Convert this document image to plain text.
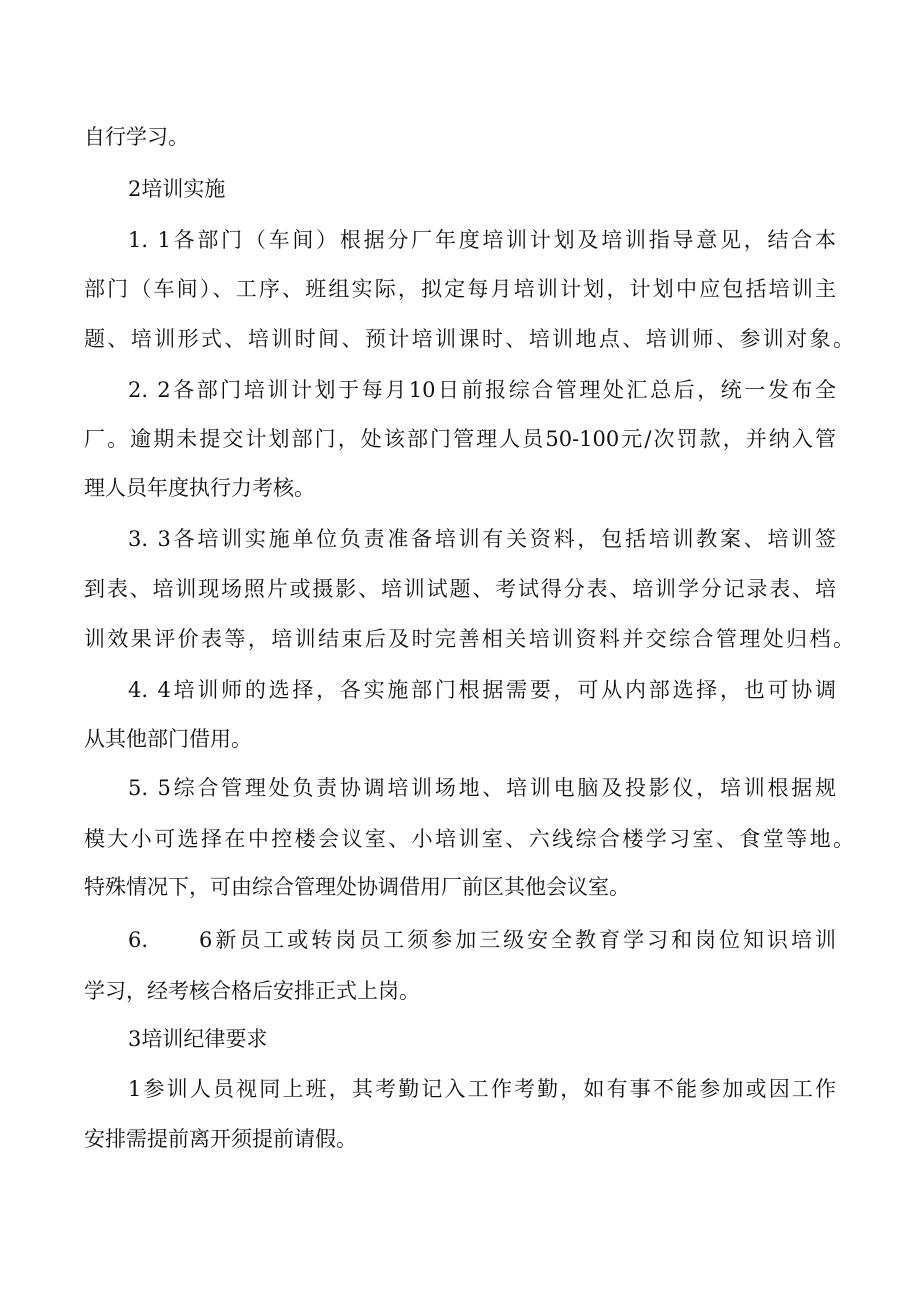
自行学习。

2培训实施

1. 1各部门（车间）根据分厂年度培训计划及培训指导意见，结合本

部门（车间）、工序、班组实际，拟定每月培训计划，计划中应包括培训主

题、培训形式、培训时间、预计培训课时、培训地点、培训师、参训对象。

2. 2各部门培训计划于每月10日前报综合管理处汇总后，统一发布全

厂。逾期未提交计划部门，处该部门管理人员50-100元/次罚款，并纳入管

理人员年度执行力考核。

3. 3各培训实施单位负责准备培训有关资料，包括培训教案、培训签

到表、培训现场照片或摄影、培训试题、考试得分表、培训学分记录表、培

训效果评价表等，培训结束后及时完善相关培训资料并交综合管理处归档。

4. 4培训师的选择，各实施部门根据需要，可从内部选择，也可协调

从其他部门借用。

5. 5综合管理处负责协调培训场地、培训电脑及投影仪，培训根据规

模大小可选择在中控楼会议室、小培训室、六线综合楼学习室、食堂等地。

特殊情况下，可由综合管理处协调借用厂前区其他会议室。

6.　　6新员工或转岗员工须参加三级安全教育学习和岗位知识培训

学习，经考核合格后安排正式上岗。

3培训纪律要求

1参训人员视同上班，其考勤记入工作考勤，如有事不能参加或因工作

安排需提前离开须提前请假。
